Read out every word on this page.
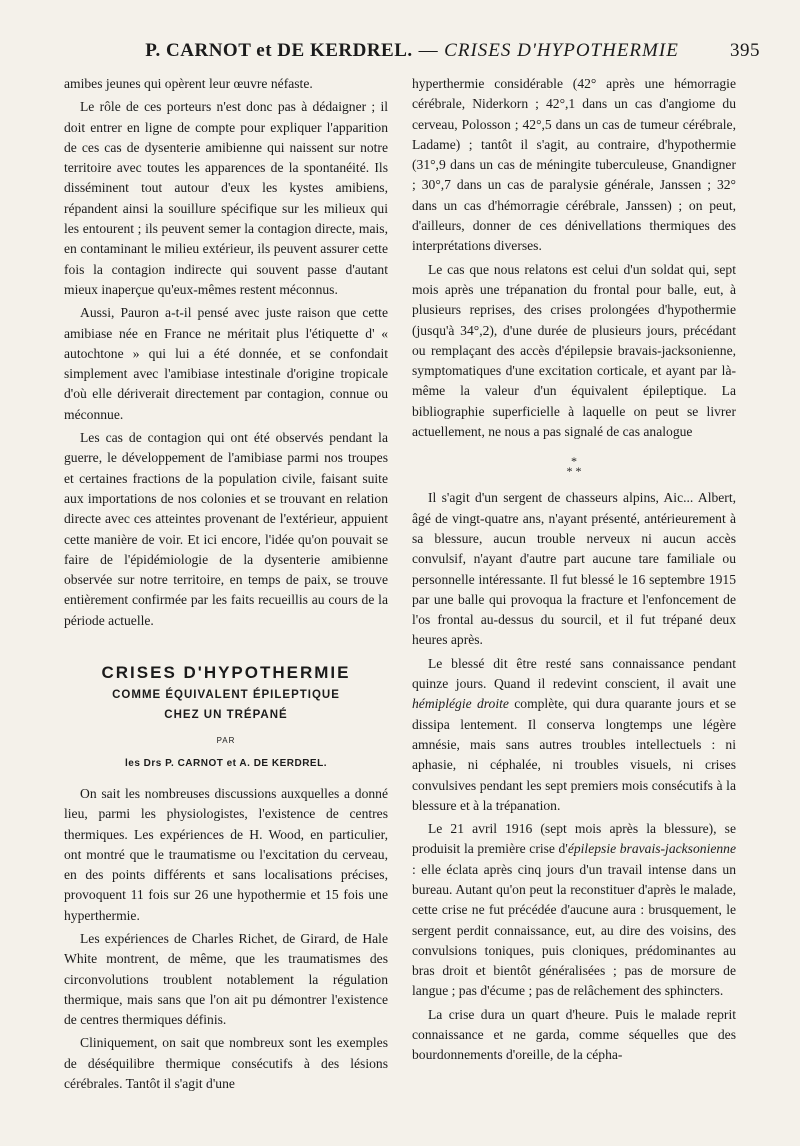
P. CARNOT et DE KERDREL. — CRISES D'HYPOTHERMIE	395

amibes jeunes qui opèrent leur œuvre néfaste.

Le rôle de ces porteurs n'est donc pas à dédaigner ; il doit entrer en ligne de compte pour expliquer l'apparition de ces cas de dysenterie amibienne qui naissent sur notre territoire avec toutes les apparences de la spontanéité. Ils disséminent tout autour d'eux les kystes amibiens, répandent ainsi la souillure spécifique sur les milieux qui les entourent ; ils peuvent semer la contagion directe, mais, en contaminant le milieu extérieur, ils peuvent assurer cette fois la contagion indirecte qui souvent passe d'autant mieux inaperçue qu'eux-mêmes restent méconnus.

Aussi, Pauron a-t-il pensé avec juste raison que cette amibiase née en France ne méritait plus l'étiquette d' « autochtone » qui lui a été donnée, et se confondait simplement avec l'amibiase intestinale d'origine tropicale d'où elle dériverait directement par contagion, connue ou méconnue.

Les cas de contagion qui ont été observés pendant la guerre, le développement de l'amibiase parmi nos troupes et certaines fractions de la population civile, faisant suite aux importations de nos colonies et se trouvant en relation directe avec ces atteintes provenant de l'extérieur, appuient cette manière de voir. Et ici encore, l'idée qu'on pouvait se faire de l'épidémiologie de la dysenterie amibienne observée sur notre territoire, en temps de paix, se trouve entièrement confirmée par les faits recueillis au cours de la période actuelle.

CRISES D'HYPOTHERMIE
COMME ÉQUIVALENT ÉPILEPTIQUE
CHEZ UN TRÉPANÉ
PAR
les Drs P. CARNOT et A. DE KERDREL.

On sait les nombreuses discussions auxquelles a donné lieu, parmi les physiologistes, l'existence de centres thermiques. Les expériences de H. Wood, en particulier, ont montré que le traumatisme ou l'excitation du cerveau, en des points différents et sans localisations précises, provoquent 11 fois sur 26 une hypothermie et 15 fois une hyperthermie.

Les expériences de Charles Richet, de Girard, de Hale White montrent, de même, que les traumatismes des circonvolutions troublent notablement la régulation thermique, mais sans que l'on ait pu démontrer l'existence de centres thermiques définis.

Cliniquement, on sait que nombreux sont les exemples de déséquilibre thermique consécutifs à des lésions cérébrales. Tantôt il s'agit d'une

hyperthermie considérable (42° après une hémorragie cérébrale, Niderkorn ; 42°,1 dans un cas d'angiome du cerveau, Polosson ; 42°,5 dans un cas de tumeur cérébrale, Ladame) ; tantôt il s'agit, au contraire, d'hypothermie (31°,9 dans un cas de méningite tuberculeuse, Gnandigner ; 30°,7 dans un cas de paralysie générale, Janssen ; 32° dans un cas d'hémorragie cérébrale, Janssen) ; on peut, d'ailleurs, donner de ces dénivellations thermiques des interprétations diverses.

Le cas que nous relatons est celui d'un soldat qui, sept mois après une trépanation du frontal pour balle, eut, à plusieurs reprises, des crises prolongées d'hypothermie (jusqu'à 34°,2), d'une durée de plusieurs jours, précédant ou remplaçant des accès d'épilepsie bravais-jacksonienne, symptomatiques d'une excitation corticale, et ayant par là-même la valeur d'un équivalent épileptique. La bibliographie superficielle à laquelle on peut se livrer actuellement, ne nous a pas signalé de cas analogue

*
* *

Il s'agit d'un sergent de chasseurs alpins, Aic... Albert, âgé de vingt-quatre ans, n'ayant présenté, antérieurement à sa blessure, aucun trouble nerveux ni aucun accès convulsif, n'ayant d'autre part aucune tare familiale ou personnelle intéressante. Il fut blessé le 16 septembre 1915 par une balle qui provoqua la fracture et l'enfoncement de l'os frontal au-dessus du sourcil, et il fut trépané deux heures après.

Le blessé dit être resté sans connaissance pendant quinze jours. Quand il redevint conscient, il avait une hémiplégie droite complète, qui dura quarante jours et se dissipa lentement. Il conserva longtemps une légère amnésie, mais sans autres troubles intellectuels : ni aphasie, ni céphalée, ni troubles visuels, ni crises convulsives pendant les sept premiers mois consécutifs à la blessure et à la trépanation.

Le 21 avril 1916 (sept mois après la blessure), se produisit la première crise d'épilepsie bravais-jacksonienne : elle éclata après cinq jours d'un travail intense dans un bureau. Autant qu'on peut la reconstituer d'après le malade, cette crise ne fut précédée d'aucune aura : brusquement, le sergent perdit connaissance, eut, au dire des voisins, des convulsions toniques, puis cloniques, prédominantes au bras droit et bientôt généralisées ; pas de morsure de langue ; pas d'écume ; pas de relâchement des sphincters.

La crise dura un quart d'heure. Puis le malade reprit connaissance et ne garda, comme séquelles que des bourdonnements d'oreille, de la cépha-
